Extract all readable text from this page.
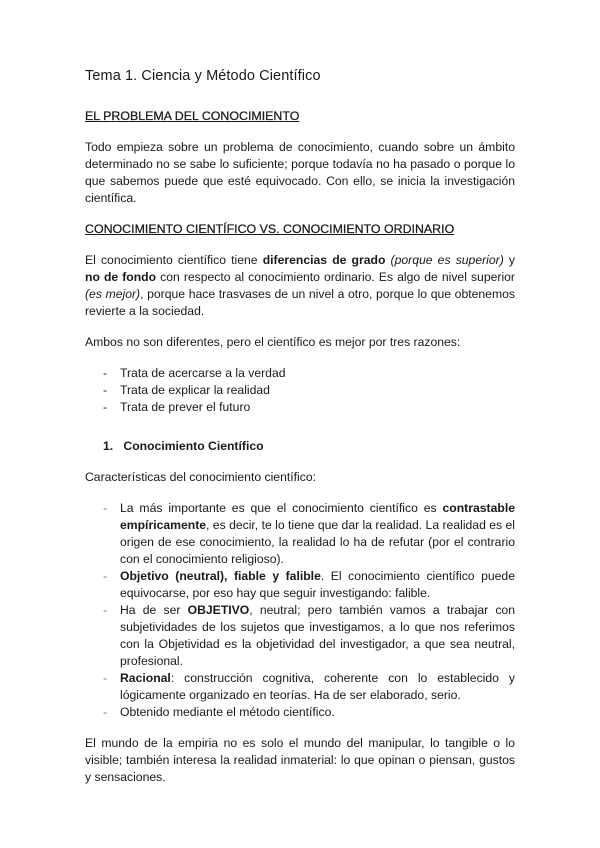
Tema 1. Ciencia y Método Científico
EL PROBLEMA DEL CONOCIMIENTO

Todo empieza sobre un problema de conocimiento, cuando sobre un ámbito determinado no se sabe lo suficiente; porque todavía no ha pasado o porque lo que sabemos puede que esté equivocado. Con ello, se inicia la investigación científica.

CONOCIMIENTO CIENTÍFICO VS. CONOCIMIENTO ORDINARIO

El conocimiento científico tiene diferencias de grado (porque es superior) y no de fondo con respecto al conocimiento ordinario. Es algo de nivel superior (es mejor), porque hace trasvases de un nivel a otro, porque lo que obtenemos revierte a la sociedad.

Ambos no son diferentes, pero el científico es mejor por tres razones:

- Trata de acercarse a la verdad
- Trata de explicar la realidad
- Trata de prever el futuro
1. Conocimiento Científico

Características del conocimiento científico:

- La más importante es que el conocimiento científico es contrastable empíricamente, es decir, te lo tiene que dar la realidad. La realidad es el origen de ese conocimiento, la realidad lo ha de refutar (por el contrario con el conocimiento religioso).
- Objetivo (neutral), fiable y falible. El conocimiento científico puede equivocarse, por eso hay que seguir investigando: falible.
- Ha de ser OBJETIVO, neutral; pero también vamos a trabajar con subjetividades de los sujetos que investigamos, a lo que nos referimos con la Objetividad es la objetividad del investigador, a que sea neutral, profesional.
- Racional: construcción cognitiva, coherente con lo establecido y lógicamente organizado en teorías. Ha de ser elaborado, serio.
- Obtenido mediante el método científico.

El mundo de la empiria no es solo el mundo del manipular, lo tangible o lo visible; también interesa la realidad inmaterial: lo que opinan o piensan, gustos y sensaciones.
